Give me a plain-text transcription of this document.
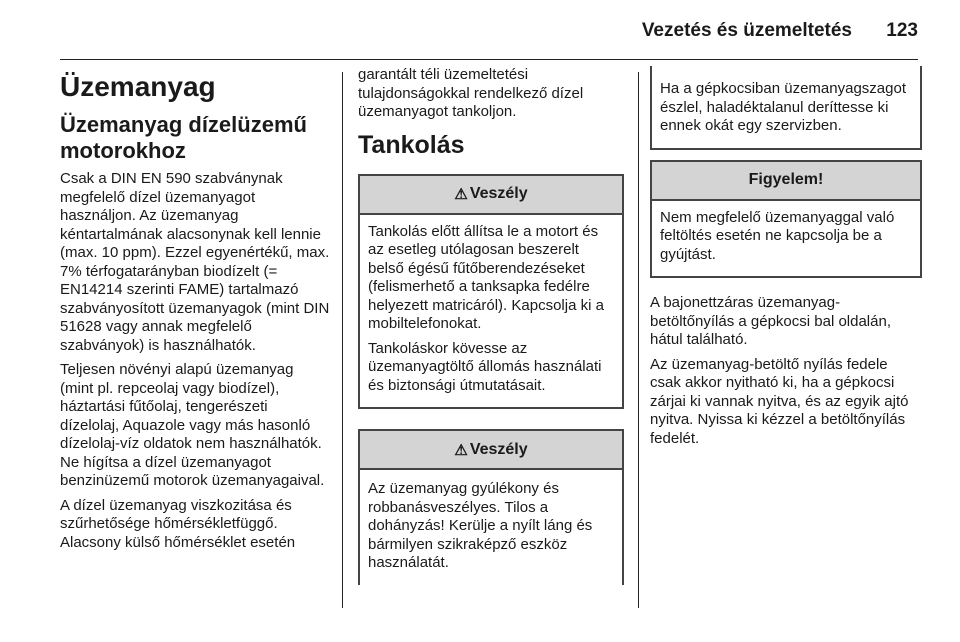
Vezetés és üzemeltetés 123
Üzemanyag
Üzemanyag dízelüzemű motorokhoz

Csak a DIN EN 590 szabványnak megfelelő dízel üzemanyagot használjon. Az üzemanyag kéntartalmának alacsonynak kell lennie (max. 10 ppm). Ezzel egyenértékű, max. 7% térfogatarányban biodízelt (= EN14214 szerinti FAME) tartalmazó szabványosított üzemanyagok (mint DIN 51628 vagy annak megfelelő szabványok) is használhatók.

Teljesen növényi alapú üzemanyag (mint pl. repceolaj vagy biodízel), háztartási fűtőolaj, tengerészeti dízelolaj, Aquazole vagy más hasonló dízelolaj-víz oldatok nem használhatók. Ne hígítsa a dízel üzemanyagot benzinüzemű motorok üzemanyagaival.

A dízel üzemanyag viszkozitása és szűrhetősége hőmérsékletfüggő. Alacsony külső hőmérséklet esetén

garantált téli üzemeltetési tulajdonságokkal rendelkező dízel üzemanyagot tankoljon.

Tankolás
⚠ Veszély

Tankolás előtt állítsa le a motort és az esetleg utólagosan beszerelt belső égésű fűtőberendezéseket (felismerhető a tanksapka fedélre helyezett matricáról). Kapcsolja ki a mobiltelefonokat.

Tankoláskor kövesse az üzemanyagtöltő állomás használati és biztonsági útmutatásait.

⚠ Veszély

Az üzemanyag gyúlékony és robbanásveszélyes. Tilos a dohányzás! Kerülje a nyílt láng és bármilyen szikraképző eszköz használatát.

Ha a gépkocsiban üzemanyagszagot észlel, haladéktalanul deríttesse ki ennek okát egy szervizben.

Figyelem!

Nem megfelelő üzemanyaggal való feltöltés esetén ne kapcsolja be a gyújtást.

A bajonettzáras üzemanyag-betöltőnyílás a gépkocsi bal oldalán, hátul található.

Az üzemanyag-betöltő nyílás fedele csak akkor nyitható ki, ha a gépkocsi zárjai ki vannak nyitva, és az egyik ajtó nyitva. Nyissa ki kézzel a betöltőnyílás fedelét.
